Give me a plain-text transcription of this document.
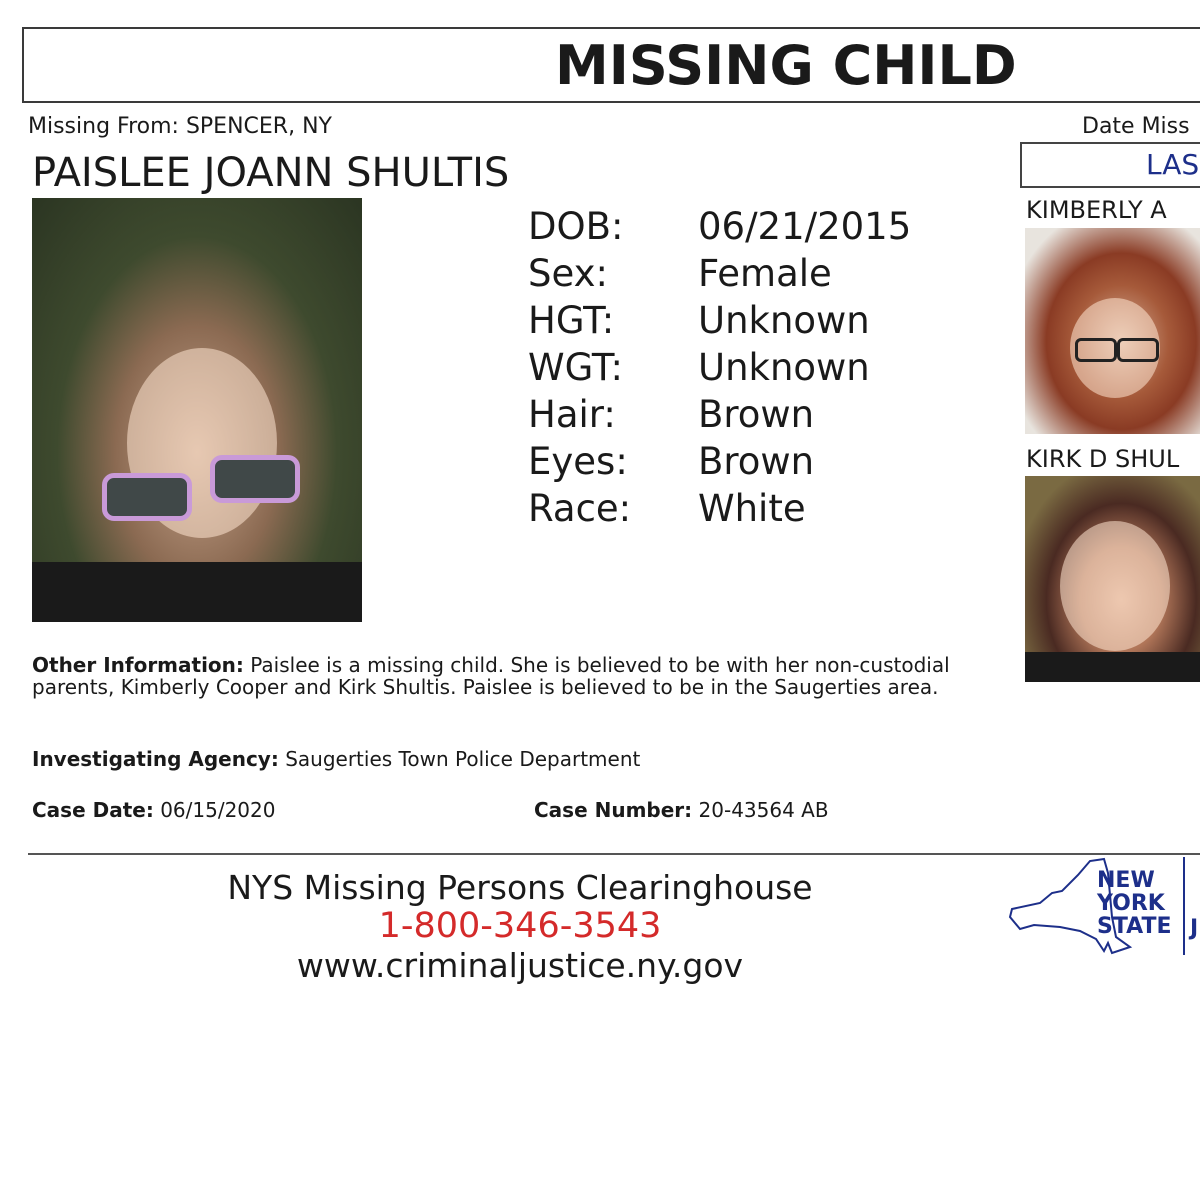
MISSING CHILD
Missing From: SPENCER, NY	Date Miss
LAS
PAISLEE JOANN SHULTIS
DOB: 06/21/2015
Sex: Female
HGT: Unknown
WGT: Unknown
Hair: Brown
Eyes: Brown
Race: White
KIMBERLY A
KIRK D SHUL
Other Information: Paislee is a missing child. She is believed to be with her non-custodial parents, Kimberly Cooper and Kirk Shultis. Paislee is believed to be in the Saugerties area.
Investigating Agency: Saugerties Town Police Department
Case Date: 06/15/2020	Case Number: 20-43564 AB
NYS Missing Persons Clearinghouse
1-800-346-3543
www.criminaljustice.ny.gov
NEW
YORK
STATE J
